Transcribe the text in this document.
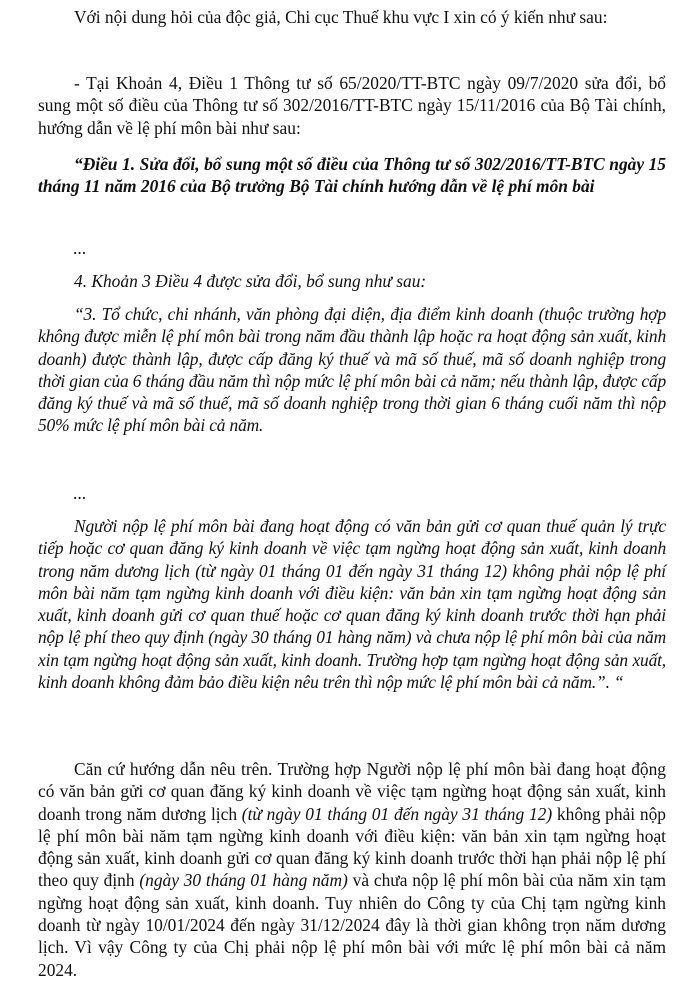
Với nội dung hỏi của độc giả, Chi cục Thuế khu vực I xin có ý kiến như sau:

- Tại Khoản 4, Điều 1 Thông tư số 65/2020/TT-BTC ngày 09/7/2020 sửa đổi, bổ sung một số điều của Thông tư số 302/2016/TT-BTC ngày 15/11/2016 của Bộ Tài chính, hướng dẫn về lệ phí môn bài như sau:

“Điều 1. Sửa đổi, bổ sung một số điều của Thông tư số 302/2016/TT-BTC ngày 15 tháng 11 năm 2016 của Bộ trưởng Bộ Tài chính hướng dẫn về lệ phí môn bài

...

4. Khoản 3 Điều 4 được sửa đổi, bổ sung như sau:

“3. Tổ chức, chi nhánh, văn phòng đại diện, địa điểm kinh doanh (thuộc trường hợp không được miễn lệ phí môn bài trong năm đầu thành lập hoặc ra hoạt động sản xuất, kinh doanh) được thành lập, được cấp đăng ký thuế và mã số thuế, mã số doanh nghiệp trong thời gian của 6 tháng đầu năm thì nộp mức lệ phí môn bài cả năm; nếu thành lập, được cấp đăng ký thuế và mã số thuế, mã số doanh nghiệp trong thời gian 6 tháng cuối năm thì nộp 50% mức lệ phí môn bài cả năm.

...

Người nộp lệ phí môn bài đang hoạt động có văn bản gửi cơ quan thuế quản lý trực tiếp hoặc cơ quan đăng ký kinh doanh về việc tạm ngừng hoạt động sản xuất, kinh doanh trong năm dương lịch (từ ngày 01 tháng 01 đến ngày 31 tháng 12) không phải nộp lệ phí môn bài năm tạm ngừng kinh doanh với điều kiện: văn bản xin tạm ngừng hoạt động sản xuất, kinh doanh gửi cơ quan thuế hoặc cơ quan đăng ký kinh doanh trước thời hạn phải nộp lệ phí theo quy định (ngày 30 tháng 01 hàng năm) và chưa nộp lệ phí môn bài của năm xin tạm ngừng hoạt động sản xuất, kinh doanh. Trường hợp tạm ngừng hoạt động sản xuất, kinh doanh không đảm bảo điều kiện nêu trên thì nộp mức lệ phí môn bài cả năm.”. “

Căn cứ hướng dẫn nêu trên. Trường hợp Người nộp lệ phí môn bài đang hoạt động có văn bản gửi cơ quan đăng ký kinh doanh về việc tạm ngừng hoạt động sản xuất, kinh doanh trong năm dương lịch (từ ngày 01 tháng 01 đến ngày 31 tháng 12) không phải nộp lệ phí môn bài năm tạm ngừng kinh doanh với điều kiện: văn bản xin tạm ngừng hoạt động sản xuất, kinh doanh gửi cơ quan đăng ký kinh doanh trước thời hạn phải nộp lệ phí theo quy định (ngày 30 tháng 01 hàng năm) và chưa nộp lệ phí môn bài của năm xin tạm ngừng hoạt động sản xuất, kinh doanh. Tuy nhiên do Công ty của Chị tạm ngừng kinh doanh từ ngày 10/01/2024 đến ngày 31/12/2024 đây là thời gian không trọn năm dương lịch. Vì vậy Công ty của Chị phải nộp lệ phí môn bài với mức lệ phí môn bài cả năm 2024.
